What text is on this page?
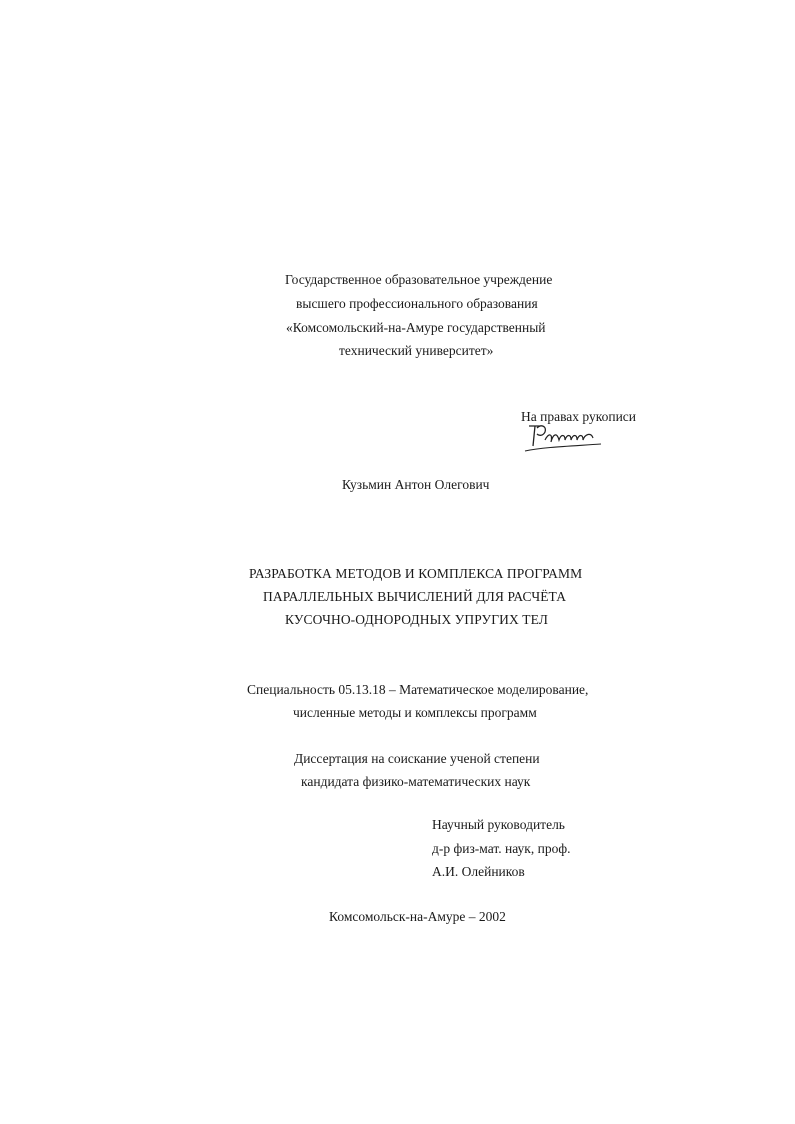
Государственное образовательное учреждение
высшего профессионального образования
«Комсомольский-на-Амуре государственный
технический университет»
На правах рукописи
Кузьмин Антон Олегович
РАЗРАБОТКА МЕТОДОВ И КОМПЛЕКСА ПРОГРАММ
ПАРАЛЛЕЛЬНЫХ ВЫЧИСЛЕНИЙ ДЛЯ РАСЧЁТА
КУСОЧНО-ОДНОРОДНЫХ УПРУГИХ ТЕЛ
Специальность 05.13.18 – Математическое моделирование,
численные методы и комплексы программ
Диссертация на соискание ученой степени
кандидата физико-математических наук
Научный руководитель
д-р физ-мат. наук, проф.
А.И. Олейников
Комсомольск-на-Амуре – 2002
